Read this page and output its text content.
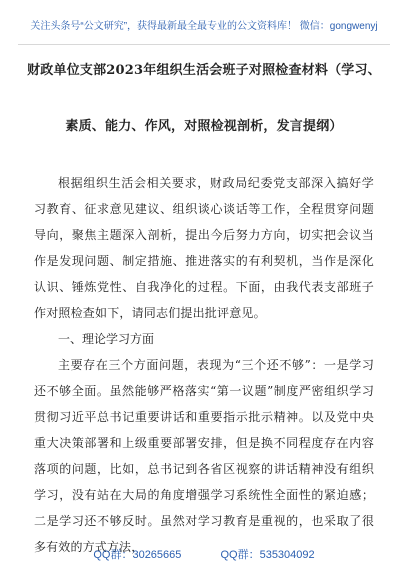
关注头条号“公文研究”，获得最新最全最专业的公文资料库！ 微信：gongwenyj
财政单位支部2023年组织生活会班子对照检查材料（学习、
素质、能力、作风，对照检视剖析，发言提纲）

根据组织生活会相关要求，财政局纪委党支部深入搞好学习教育、征求意见建议、组织谈心谈话等工作，全程贯穿问题导向，聚焦主题深入剖析，提出今后努力方向，切实把会议当作是发现问题、制定措施、推进落实的有利契机，当作是深化认识、锤炼党性、自我净化的过程。下面，由我代表支部班子作对照检查如下，请同志们提出批评意见。

一、理论学习方面

主要存在三个方面问题，表现为“三个还不够”：一是学习还不够全面。虽然能够严格落实“第一议题”制度严密组织学习贯彻习近平总书记重要讲话和重要指示批示精神。以及党中央重大决策部署和上级重要部署安排，但是换不同程度存在内容落项的问题，比如，总书记到各省区视察的讲话精神没有组织学习，没有站在大局的角度增强学习系统性全面性的紧迫感；二是学习还不够反时。虽然对学习教育是重视的，也采取了很多有效的方式方法，

QQ群：30265665	QQ群：535304092
